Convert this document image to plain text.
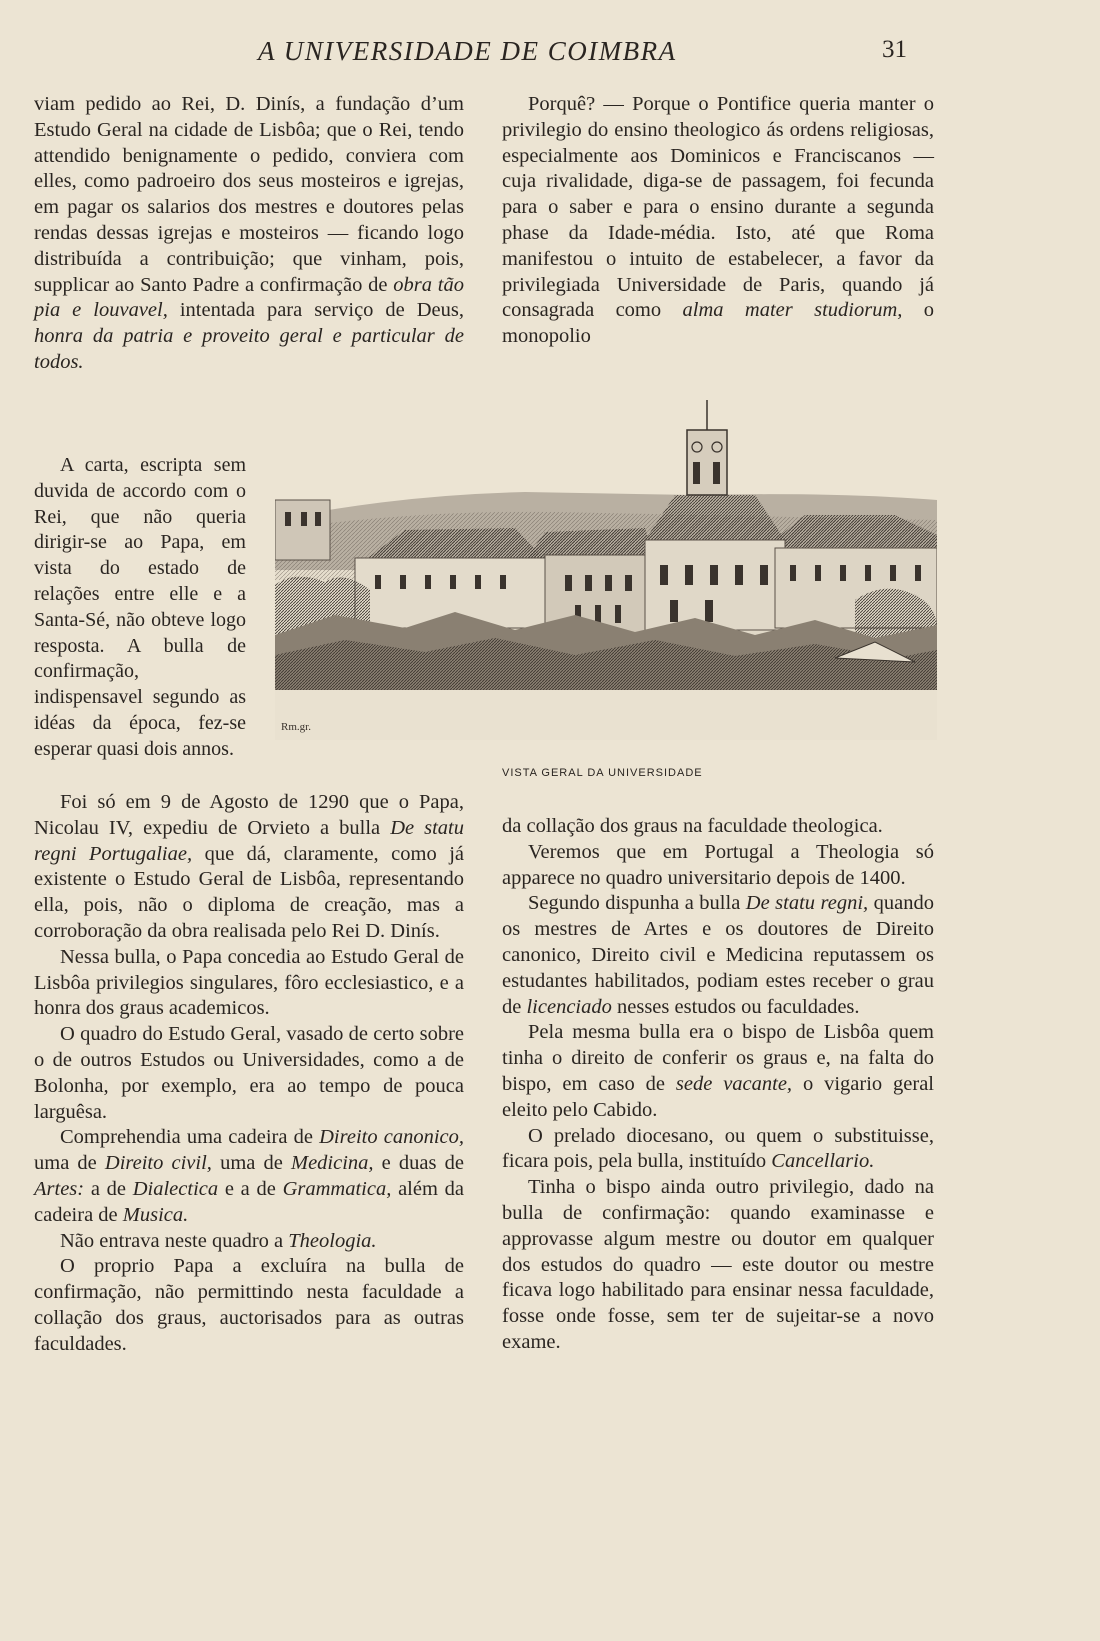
A UNIVERSIDADE DE COIMBRA	31

viam pedido ao Rei, D. Dinís, a fundação d’um Estudo Geral na cidade de Lisbôa; que o Rei, tendo attendido benignamente o pedido, conviera com elles, como padroeiro dos seus mosteiros e igrejas, em pagar os salarios dos mestres e doutores pelas rendas dessas igrejas e mosteiros — ficando logo distribuída a contribuição; que vinham, pois, supplicar ao Santo Padre a confirmação de obra tão pia e louvavel, intentada para serviço de Deus, honra da patria e proveito geral e particular de todos.

A carta, escripta sem duvida de accordo com o Rei, que não queria dirigir-se ao Papa, em vista do estado de relações entre elle e a Santa-Sé, não obteve logo resposta. A bulla de confirmação, indispensavel segundo as idéas da época, fez-se esperar quasi dois annos.

Foi só em 9 de Agosto de 1290 que o Papa, Nicolau IV, expediu de Orvieto a bulla De statu regni Portugaliae, que dá, claramente, como já existente o Estudo Geral de Lisbôa, representando ella, pois, não o diploma de creação, mas a corroboração da obra realisada pelo Rei D. Dinís.

Nessa bulla, o Papa concedia ao Estudo Geral de Lisbôa privilegios singulares, fôro ecclesiastico, e a honra dos graus academicos.

O quadro do Estudo Geral, vasado de certo sobre o de outros Estudos ou Universidades, como a de Bolonha, por exemplo, era ao tempo de pouca larguêsa.

Comprehendia uma cadeira de Direito canonico, uma de Direito civil, uma de Medicina, e duas de Artes: a de Dialectica e a de Grammatica, além da cadeira de Musica.

Não entrava neste quadro a Theologia.

O proprio Papa a excluíra na bulla de confirmação, não permittindo nesta faculdade a collação dos graus, auctorisados para as outras faculdades.

Porquê? — Porque o Pontifice queria manter o privilegio do ensino theologico ás ordens religiosas, especialmente aos Dominicos e Franciscanos — cuja rivalidade, diga-se de passagem, foi fecunda para o saber e para o ensino durante a segunda phase da Idade-média. Isto, até que Roma manifestou o intuito de estabelecer, a favor da privilegiada Universidade de Paris, quando já consagrada como alma mater studiorum, o monopolio

Rm.gr.
VISTA GERAL DA UNIVERSIDADE

da collação dos graus na faculdade theologica.

Veremos que em Portugal a Theologia só apparece no quadro universitario depois de 1400.

Segundo dispunha a bulla De statu regni, quando os mestres de Artes e os doutores de Direito canonico, Direito civil e Medicina reputassem os estudantes habilitados, podiam estes receber o grau de licenciado nesses estudos ou faculdades.

Pela mesma bulla era o bispo de Lisbôa quem tinha o direito de conferir os graus e, na falta do bispo, em caso de sede vacante, o vigario geral eleito pelo Cabido.

O prelado diocesano, ou quem o substituisse, ficara pois, pela bulla, instituído Cancellario.

Tinha o bispo ainda outro privilegio, dado na bulla de confirmação: quando examinasse e approvasse algum mestre ou doutor em qualquer dos estudos do quadro — este doutor ou mestre ficava logo habilitado para ensinar nessa faculdade, fosse onde fosse, sem ter de sujeitar-se a novo exame.
